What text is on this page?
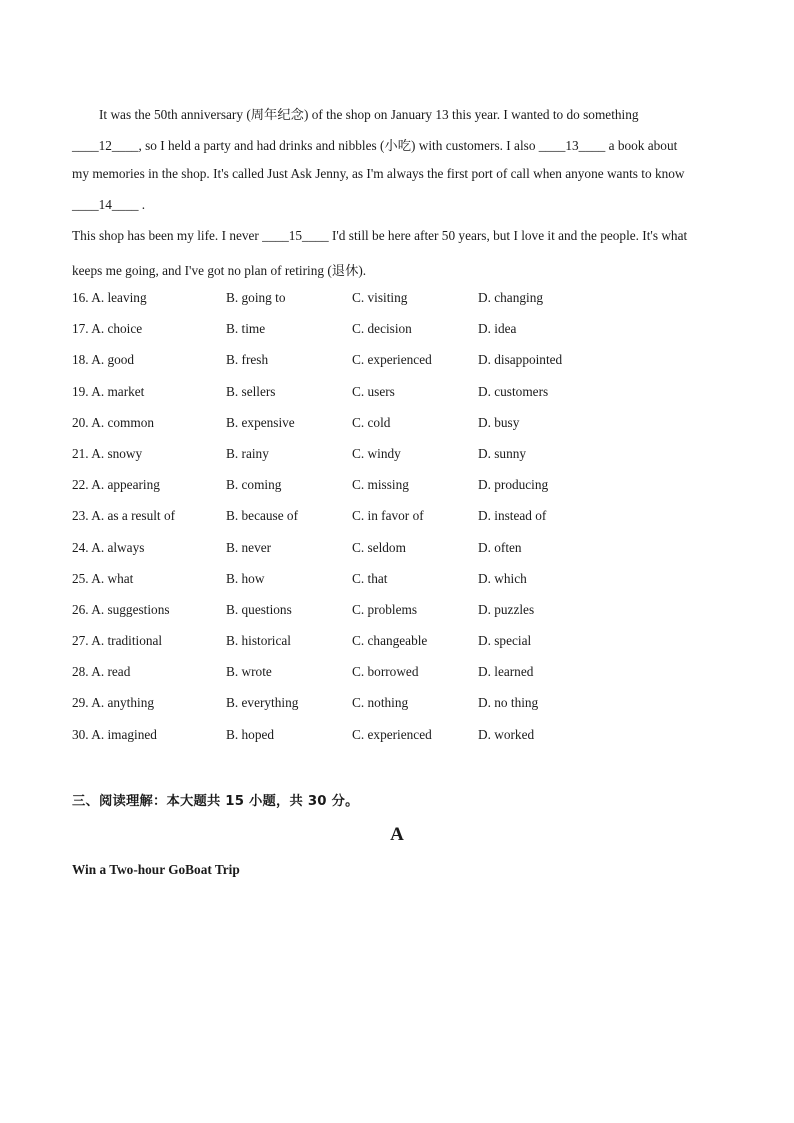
It was the 50th anniversary (周年纪念) of the shop on January 13 this year. I wanted to do something
____12____, so I held a party and had drinks and nibbles (小吃) with customers. I also ____13____ a book about
my memories in the shop. It's called Just Ask Jenny, as I'm always the first port of call when anyone wants to know
____14____ .
This shop has been my life. I never ____15____ I'd still be here after 50 years, but I love it and the people. It's what
keeps me going, and I've got no plan of retiring (退休).
16. A. leaving	B. going to	C. visiting	D. changing
17. A. choice	B. time	C. decision	D. idea
18. A. good	B. fresh	C. experienced	D. disappointed
19. A. market	B. sellers	C. users	D. customers
20. A. common	B. expensive	C. cold	D. busy
21. A. snowy	B. rainy	C. windy	D. sunny
22. A. appearing	B. coming	C. missing	D. producing
23. A. as a result of	B. because of	C. in favor of	D. instead of
24. A. always	B. never	C. seldom	D. often
25. A. what	B. how	C. that	D. which
26. A. suggestions	B. questions	C. problems	D. puzzles
27. A. traditional	B. historical	C. changeable	D. special
28. A. read	B. wrote	C. borrowed	D. learned
29. A. anything	B. everything	C. nothing	D. no thing
30. A. imagined	B. hoped	C. experienced	D. worked
三、阅读理解：本大题共 15 小题，共 30 分。
A
Win a Two-hour GoBoat Trip
